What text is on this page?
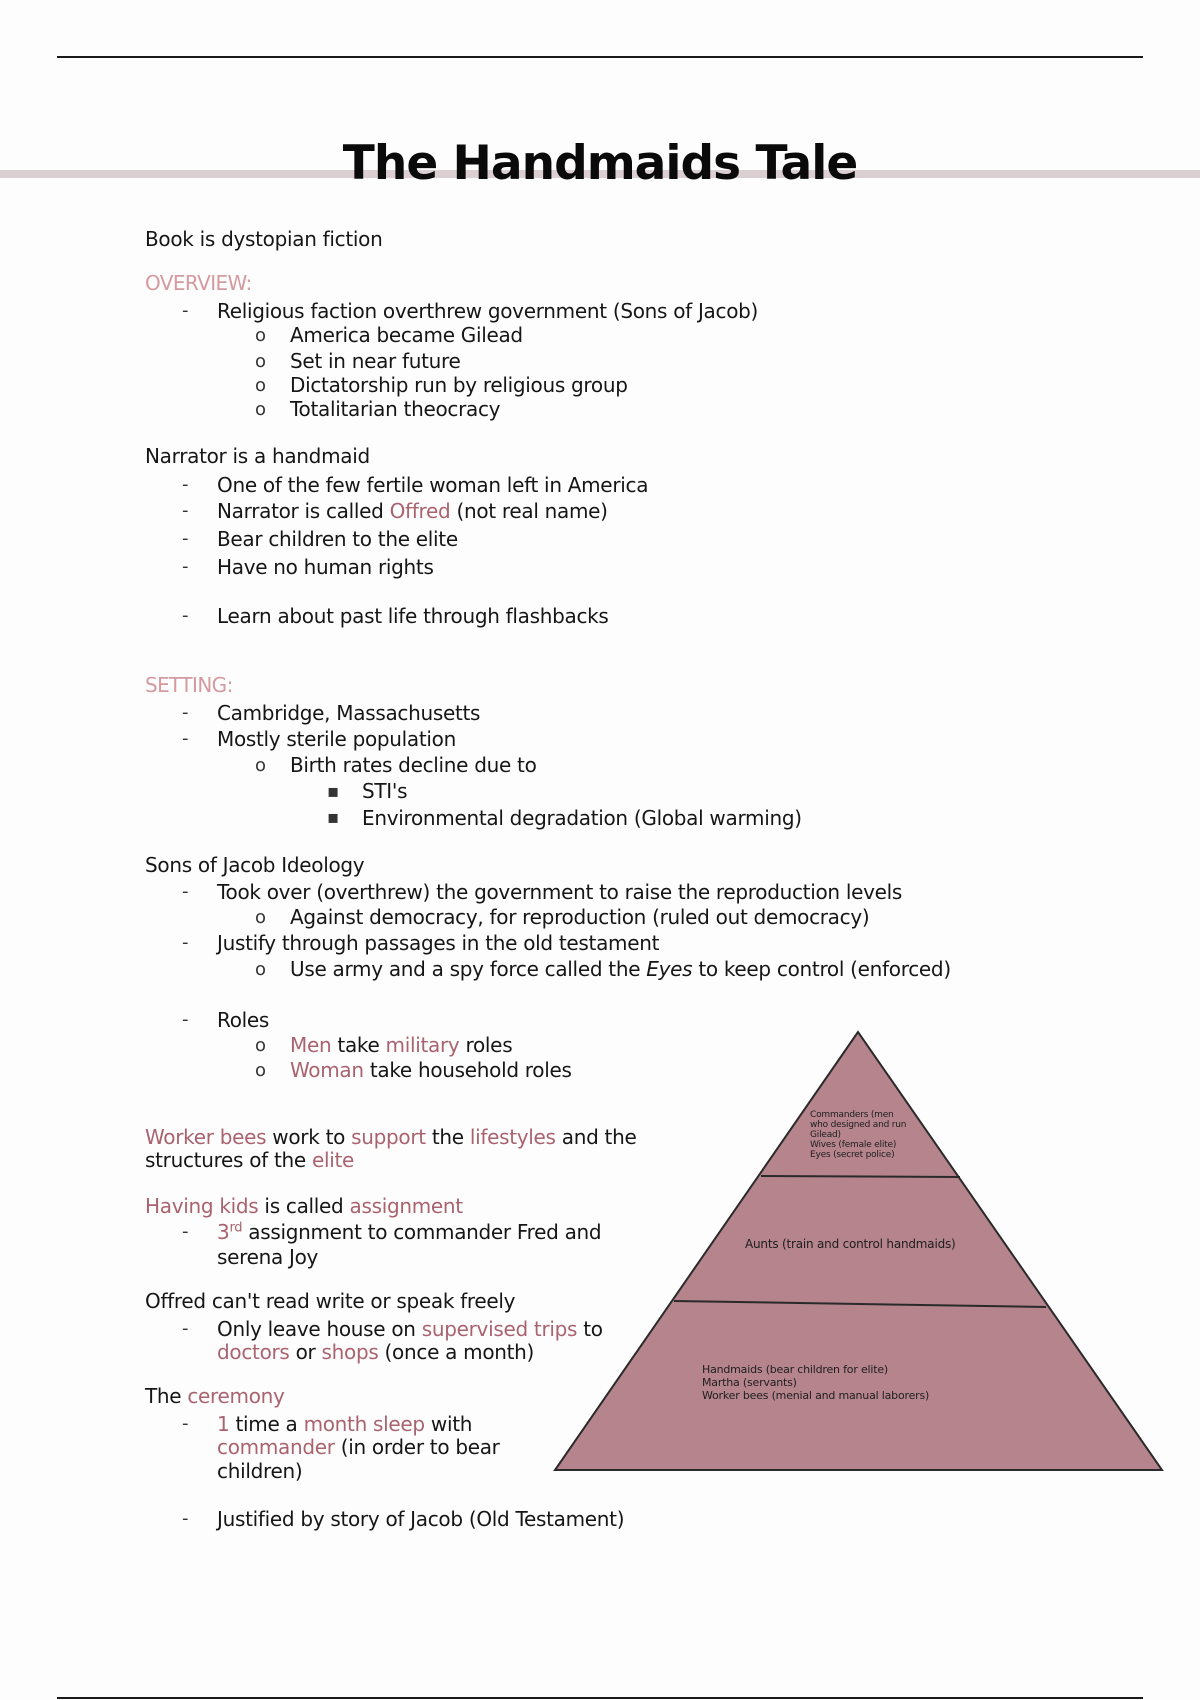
The Handmaids Tale
Book is dystopian fiction
OVERVIEW:
- Religious faction overthrew government (Sons of Jacob)
o America became Gilead
o Set in near future
o Dictatorship run by religious group
o Totalitarian theocracy
Narrator is a handmaid
- One of the few fertile woman left in America
- Narrator is called Offred (not real name)
- Bear children to the elite
- Have no human rights
- Learn about past life through flashbacks
SETTING:
- Cambridge, Massachusetts
- Mostly sterile population
o Birth rates decline due to
▪ STI's
▪ Environmental degradation (Global warming)
Sons of Jacob Ideology
- Took over (overthrew) the government to raise the reproduction levels
o Against democracy, for reproduction (ruled out democracy)
- Justify through passages in the old testament
o Use army and a spy force called the Eyes to keep control (enforced)
- Roles
o Men take military roles
o Woman take household roles
Worker bees work to support the lifestyles and the
structures of the elite
Having kids is called assignment
- 3rd assignment to commander Fred and
serena Joy
Offred can't read write or speak freely
- Only leave house on supervised trips to
doctors or shops (once a month)
The ceremony
- 1 time a month sleep with
commander (in order to bear
children)
- Justified by story of Jacob (Old Testament)
Commanders (men
who designed and run
Gilead)
Wives (female elite)
Eyes (secret police)
Aunts (train and control handmaids)
Handmaids (bear children for elite)
Martha (servants)
Worker bees (menial and manual laborers)
